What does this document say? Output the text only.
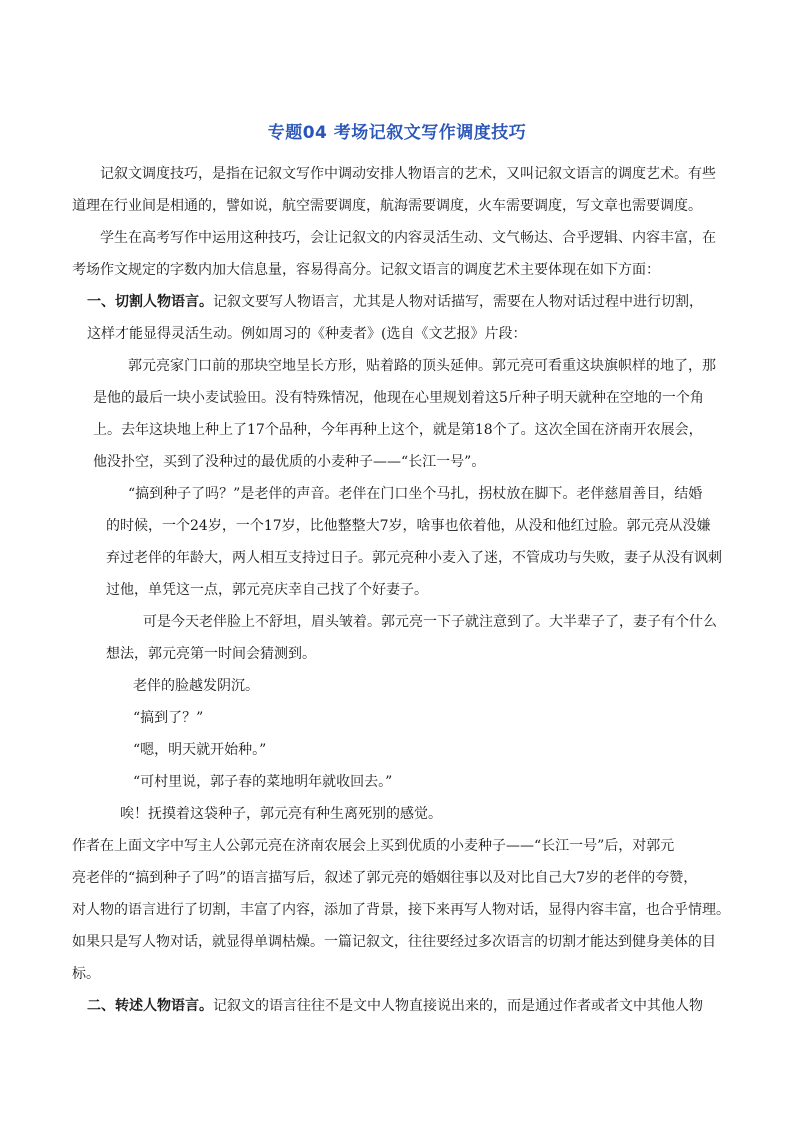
专题04 考场记叙文写作调度技巧
记叙文调度技巧，是指在记叙文写作中调动安排人物语言的艺术，又叫记叙文语言的调度艺术。有些
道理在行业间是相通的，譬如说，航空需要调度，航海需要调度，火车需要调度，写文章也需要调度。
学生在高考写作中运用这种技巧，会让记叙文的内容灵活生动、文气畅达、合乎逻辑、内容丰富，在
考场作文规定的字数内加大信息量，容易得高分。记叙文语言的调度艺术主要体现在如下方面：
一、切割人物语言。记叙文要写人物语言，尤其是人物对话描写，需要在人物对话过程中进行切割，
这样才能显得灵活生动。例如周习的《种麦者》(选自《文艺报》片段：
郭元亮家门口前的那块空地呈长方形，贴着路的顶头延伸。郭元亮可看重这块旗帜样的地了，那
是他的最后一块小麦试验田。没有特殊情况，他现在心里规划着这5斤种子明天就种在空地的一个角
上。去年这块地上种上了17个品种，今年再种上这个，就是第18个了。这次全国在济南开农展会，
他没扑空，买到了没种过的最优质的小麦种子——“长江一号”。
“搞到种子了吗？”是老伴的声音。老伴在门口坐个马扎，拐杖放在脚下。老伴慈眉善目，结婚
的时候，一个24岁，一个17岁，比他整整大7岁，啥事也依着他，从没和他红过脸。郭元亮从没嫌
弃过老伴的年龄大，两人相互支持过日子。郭元亮种小麦入了迷，不管成功与失败，妻子从没有讽刺
过他，单凭这一点，郭元亮庆幸自己找了个好妻子。
可是今天老伴脸上不舒坦，眉头皱着。郭元亮一下子就注意到了。大半辈子了，妻子有个什么
想法，郭元亮第一时间会猜测到。
老伴的脸越发阴沉。
“搞到了？”
“嗯，明天就开始种。”
“可村里说，郭子春的菜地明年就收回去。”
唉！抚摸着这袋种子，郭元亮有种生离死别的感觉。
作者在上面文字中写主人公郭元亮在济南农展会上买到优质的小麦种子——“长江一号”后，对郭元
亮老伴的“搞到种子了吗”的语言描写后，叙述了郭元亮的婚姻往事以及对比自己大7岁的老伴的夸赞，
对人物的语言进行了切割，丰富了内容，添加了背景，接下来再写人物对话，显得内容丰富，也合乎情理。
如果只是写人物对话，就显得单调枯燥。一篇记叙文，往往要经过多次语言的切割才能达到健身美体的目
标。
二、转述人物语言。记叙文的语言往往不是文中人物直接说出来的，而是通过作者或者文中其他人物
